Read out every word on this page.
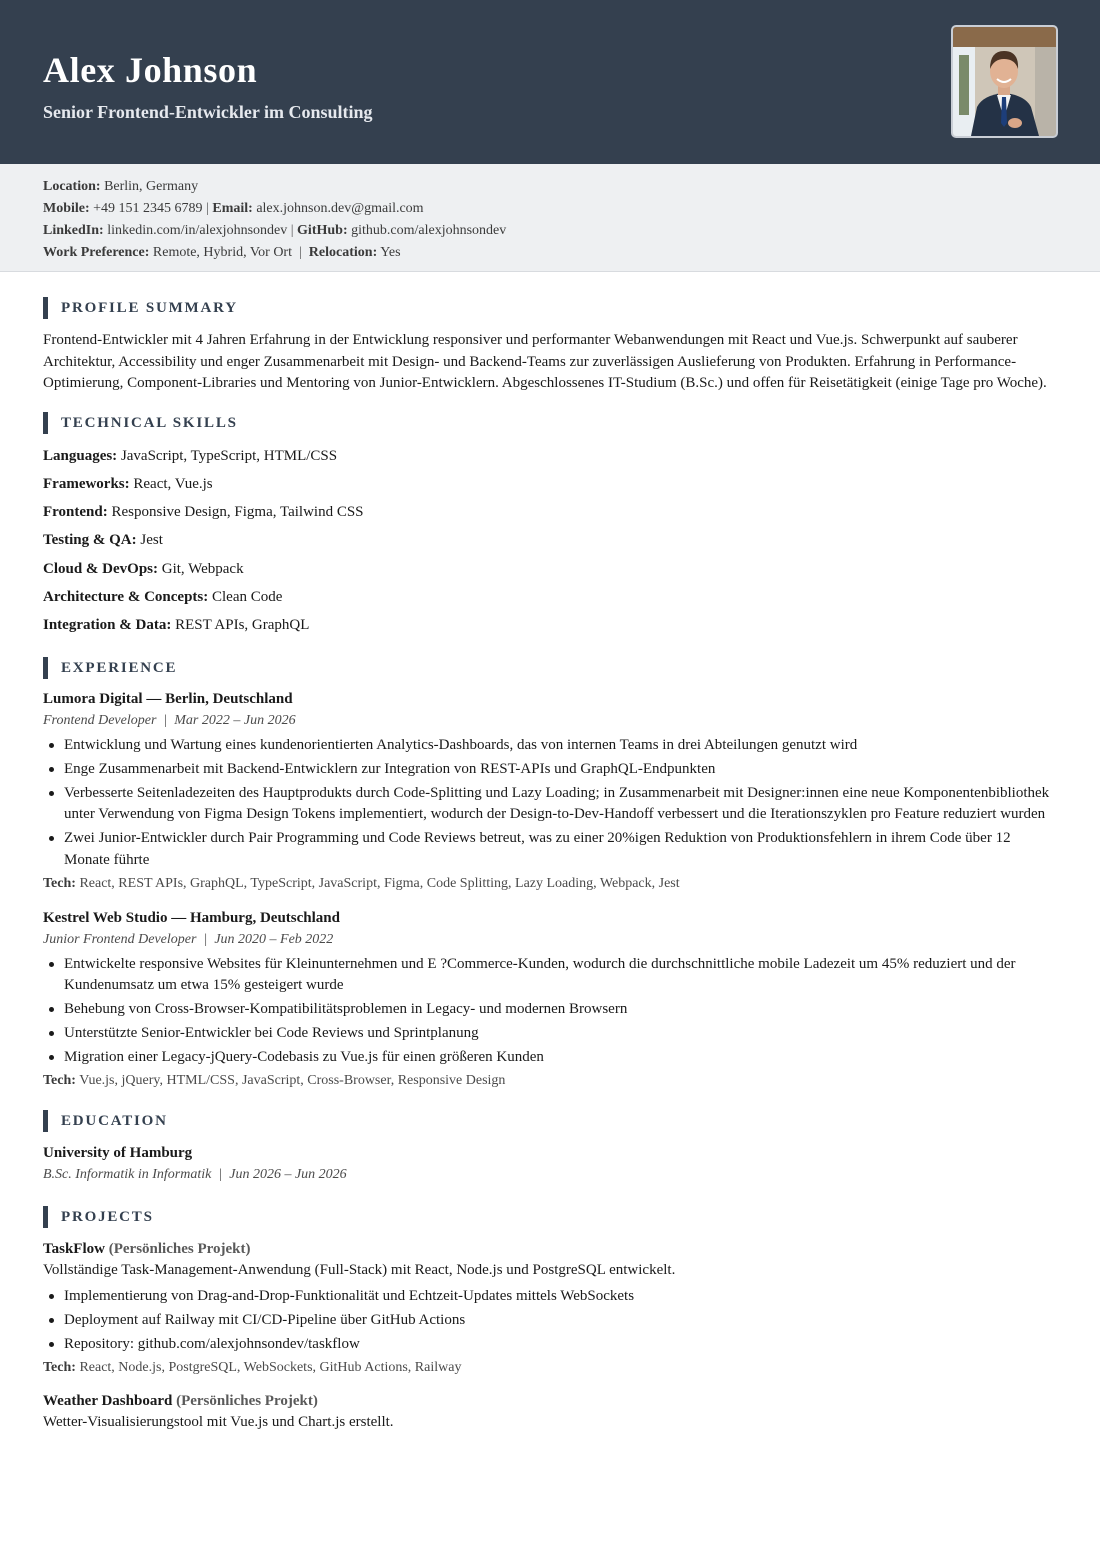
Alex Johnson
Senior Frontend-Entwickler im Consulting
Location: Berlin, Germany
Mobile: +49 151 2345 6789 | Email: alex.johnson.dev@gmail.com
LinkedIn: linkedin.com/in/alexjohnsondev | GitHub: github.com/alexjohnsondev
Work Preference: Remote, Hybrid, Vor Ort  |  Relocation: Yes
PROFILE SUMMARY

Frontend-Entwickler mit 4 Jahren Erfahrung in der Entwicklung responsiver und performanter Webanwendungen mit React und Vue.js. Schwerpunkt auf sauberer Architektur, Accessibility und enger Zusammenarbeit mit Design- und Backend-Teams zur zuverlässigen Auslieferung von Produkten. Erfahrung in Performance-Optimierung, Component-Libraries und Mentoring von Junior-Entwicklern. Abgeschlossenes IT-Studium (B.Sc.) und offen für Reisetätigkeit (einige Tage pro Woche).

TECHNICAL SKILLS

Languages: JavaScript, TypeScript, HTML/CSS

Frameworks: React, Vue.js

Frontend: Responsive Design, Figma, Tailwind CSS

Testing & QA: Jest

Cloud & DevOps: Git, Webpack

Architecture & Concepts: Clean Code

Integration & Data: REST APIs, GraphQL

EXPERIENCE

Lumora Digital — Berlin, Deutschland

Frontend Developer  |  Mar 2022 – Jun 2026

Entwicklung und Wartung eines kundenorientierten Analytics-Dashboards, das von internen Teams in drei Abteilungen genutzt wird
Enge Zusammenarbeit mit Backend-Entwicklern zur Integration von REST-APIs und GraphQL-Endpunkten
Verbesserte Seitenladezeiten des Hauptprodukts durch Code-Splitting und Lazy Loading; in Zusammenarbeit mit Designer:innen eine neue Komponentenbibliothek unter Verwendung von Figma Design Tokens implementiert, wodurch der Design-to-Dev-Handoff verbessert und die Iterationszyklen pro Feature reduziert wurden
Zwei Junior-Entwickler durch Pair Programming und Code Reviews betreut, was zu einer 20%igen Reduktion von Produktionsfehlern in ihrem Code über 12 Monate führte

Tech: React, REST APIs, GraphQL, TypeScript, JavaScript, Figma, Code Splitting, Lazy Loading, Webpack, Jest

Kestrel Web Studio — Hamburg, Deutschland

Junior Frontend Developer  |  Jun 2020 – Feb 2022

Entwickelte responsive Websites für Kleinunternehmen und E ?Commerce-Kunden, wodurch die durchschnittliche mobile Ladezeit um 45% reduziert und der Kundenumsatz um etwa 15% gesteigert wurde
Behebung von Cross-Browser-Kompatibilitätsproblemen in Legacy- und modernen Browsern
Unterstützte Senior-Entwickler bei Code Reviews und Sprintplanung
Migration einer Legacy-jQuery-Codebasis zu Vue.js für einen größeren Kunden

Tech: Vue.js, jQuery, HTML/CSS, JavaScript, Cross-Browser, Responsive Design

EDUCATION

University of Hamburg

B.Sc. Informatik in Informatik  |  Jun 2026 – Jun 2026

PROJECTS

TaskFlow (Persönliches Projekt)

Vollständige Task-Management-Anwendung (Full-Stack) mit React, Node.js und PostgreSQL entwickelt.

Implementierung von Drag-and-Drop-Funktionalität und Echtzeit-Updates mittels WebSockets
Deployment auf Railway mit CI/CD-Pipeline über GitHub Actions
Repository: github.com/alexjohnsondev/taskflow

Tech: React, Node.js, PostgreSQL, WebSockets, GitHub Actions, Railway

Weather Dashboard (Persönliches Projekt)

Wetter-Visualisierungstool mit Vue.js und Chart.js erstellt.
